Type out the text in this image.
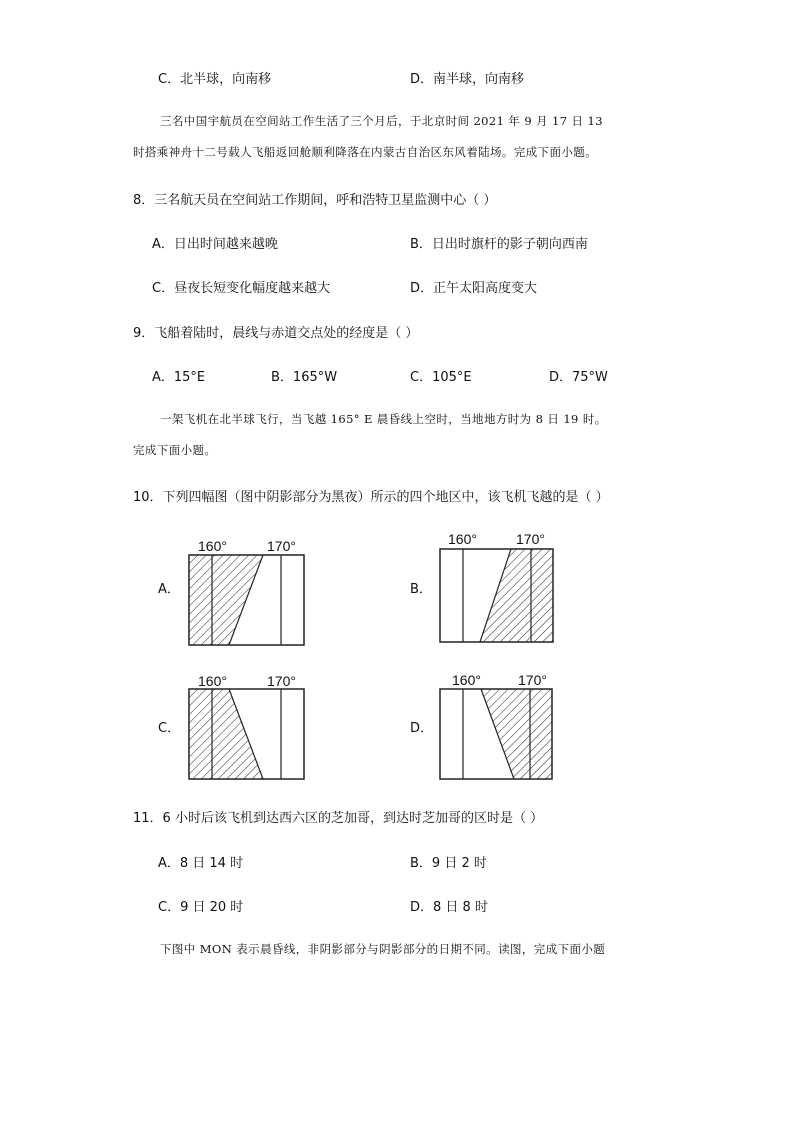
C．北半球，向南移	D．南半球，向南移
三名中国宇航员在空间站工作生活了三个月后，于北京时间 2021 年 9 月 17 日 13
时搭乘神舟十二号载人飞船返回舱顺利降落在内蒙古自治区东风着陆场。完成下面小题。
8．三名航天员在空间站工作期间，呼和浩特卫星监测中心（ ）
A．日出时间越来越晚	B．日出时旗杆的影子朝向西南
C．昼夜长短变化幅度越来越大	D．正午太阳高度变大
9．飞船着陆时，晨线与赤道交点处的经度是（ ）
A．15°E	B．165°W	C．105°E	D．75°W
一架飞机在北半球飞行，当飞越 165° E 晨昏线上空时，当地地方时为 8 日 19 时。
完成下面小题。
10．下列四幅图（图中阴影部分为黑夜）所示的四个地区中，该飞机飞越的是（ ）
A．
160°	170°
B．
160°	170°
C．
160°	170°
D．
160°	170°
11．6 小时后该飞机到达西六区的芝加哥，到达时芝加哥的区时是（ ）
A．8 日 14 时	B．9 日 2 时
C．9 日 20 时	D．8 日 8 时
下图中 MON 表示晨昏线，非阴影部分与阴影部分的日期不同。读图，完成下面小题
